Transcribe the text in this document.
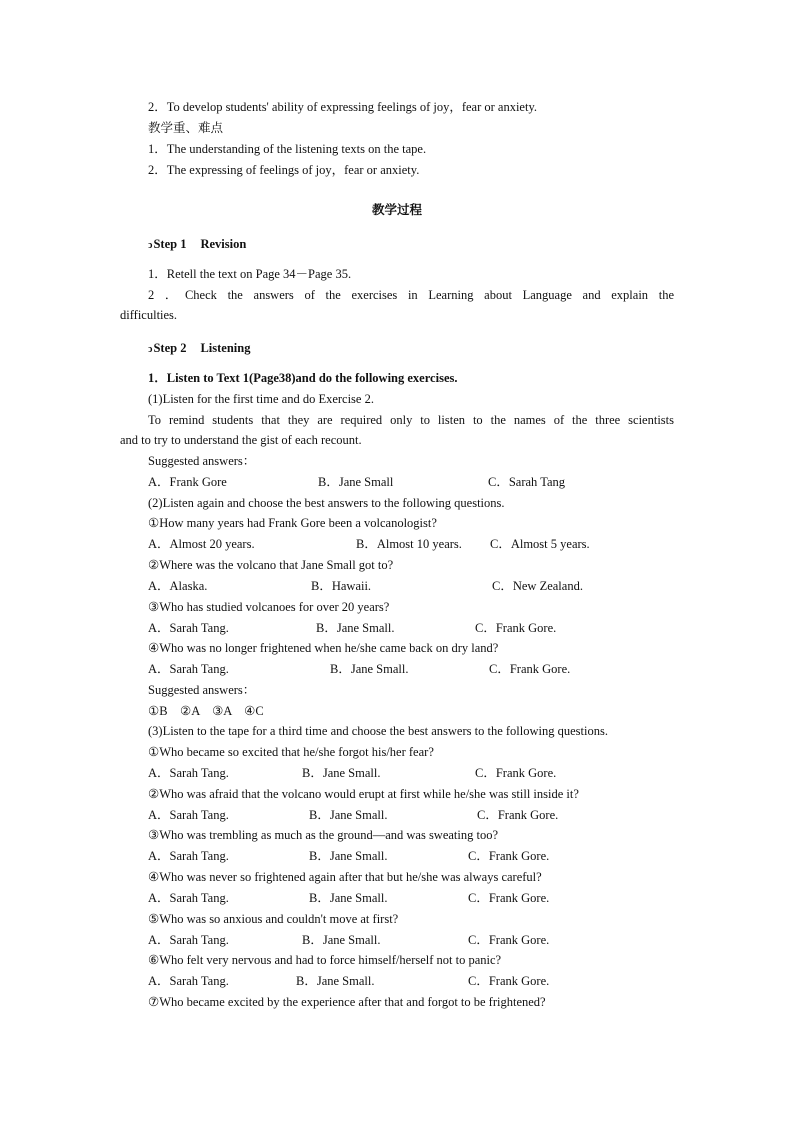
2．To develop students' ability of expressing feelings of joy，fear or anxiety.
教学重、难点
1．The understanding of the listening texts on the tape.
2．The expressing of feelings of joy，fear or anxiety.
教学过程
ↄStep 1 Revision
1．Retell the text on Page 34－Page 35.
2 ．Check the answers of the exercises in Learning about Language and explain the
difficulties.
ↄStep 2 Listening
1．Listen to Text 1(Page38)and do the following exercises.
(1)Listen for the first time and do Exercise 2.
To remind students that they are required only to listen to the names of the three scientists
and to try to understand the gist of each recount.
Suggested answers：
A．Frank Gore	B．Jane Small	C．Sarah Tang
(2)Listen again and choose the best answers to the following questions.
①How many years had Frank Gore been a volcanologist?
A．Almost 20 years.	B．Almost 10 years. C．Almost 5 years.
②Where was the volcano that Jane Small got to?
A．Alaska.	B．Hawaii.	C．New Zealand.
③Who has studied volcanoes for over 20 years?
A．Sarah Tang.	B．Jane Small.	C．Frank Gore.
④Who was no longer frightened when he/she came back on dry land?
A．Sarah Tang.	B．Jane Small.	C．Frank Gore.
Suggested answers：
①B　②A　③A　④C
(3)Listen to the tape for a third time and choose the best answers to the following questions.
①Who became so excited that he/she forgot his/her fear?
A．Sarah Tang.	B．Jane Small.	C．Frank Gore.
②Who was afraid that the volcano would erupt at first while he/she was still inside it?
A．Sarah Tang.	B．Jane Small.	C．Frank Gore.
③Who was trembling as much as the ground—and was sweating too?
A．Sarah Tang.	B．Jane Small.	C．Frank Gore.
④Who was never so frightened again after that but he/she was always careful?
A．Sarah Tang.	B．Jane Small.	C．Frank Gore.
⑤Who was so anxious and couldn't move at first?
A．Sarah Tang.	B．Jane Small.	C．Frank Gore.
⑥Who felt very nervous and had to force himself/herself not to panic?
A．Sarah Tang.	B．Jane Small.	C．Frank Gore.
⑦Who became excited by the experience after that and forgot to be frightened?
